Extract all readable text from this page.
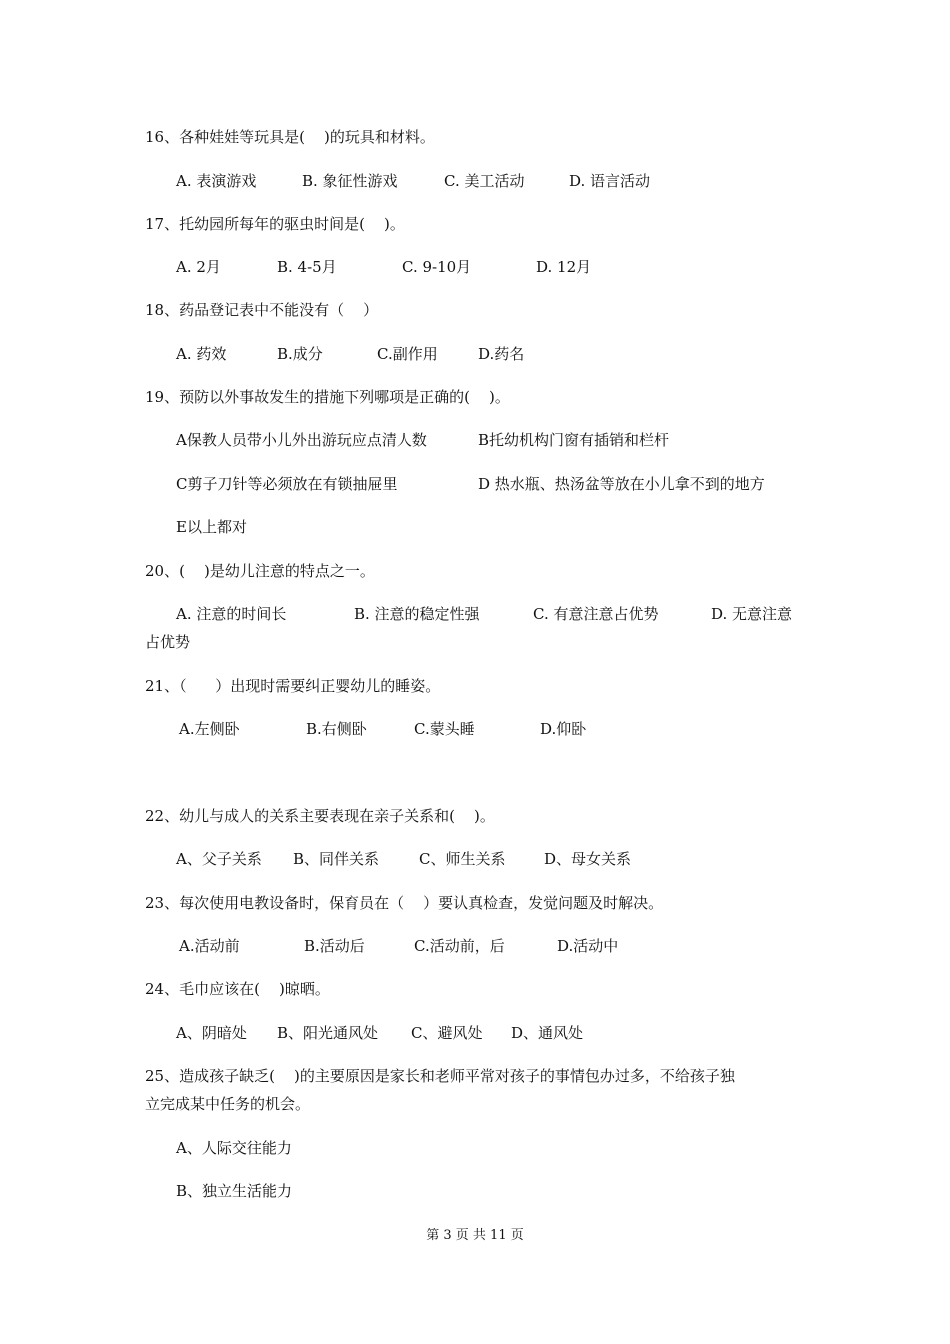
16、各种娃娃等玩具是(    )的玩具和材料。

A. 表演游戏

	B. 象征性游戏

	C. 美工活动

	D. 语言活动

17、托幼园所每年的驱虫时间是(    )。

A. 2月

	B. 4-5月

	C. 9-10月

	D. 12月

18、药品登记表中不能没有（    ）

A. 药效

	B.成分

	C.副作用

	D.药名

19、预防以外事故发生的措施下列哪项是正确的(    )。

A保教人员带小儿外出游玩应点清人数

	B托幼机构门窗有插销和栏杆

C剪子刀针等必须放在有锁抽屉里

	D 热水瓶、热汤盆等放在小儿拿不到的地方

E以上都对

20、(    )是幼儿注意的特点之一。

A. 注意的时间长

	B. 注意的稳定性强

	C. 有意注意占优势

	D. 无意注意

占优势

21、（      ）出现时需要纠正婴幼儿的睡姿。

A.左侧卧

	B.右侧卧

	C.蒙头睡

	D.仰卧

22、幼儿与成人的关系主要表现在亲子关系和(    )。

A、父子关系

B、同伴关系

	C、师生关系

	D、母女关系

23、每次使用电教设备时，保育员在（    ）要认真检查，发觉问题及时解决。

A.活动前

	B.活动后

	C.活动前，后

	D.活动中

24、毛巾应该在(    )晾晒。

A、阴暗处

B、阳光通风处

C、避风处

D、通风处

25、造成孩子缺乏(    )的主要原因是家长和老师平常对孩子的事情包办过多，不给孩子独

立完成某中任务的机会。

A、人际交往能力

B、独立生活能力

第 3 页 共 11 页
